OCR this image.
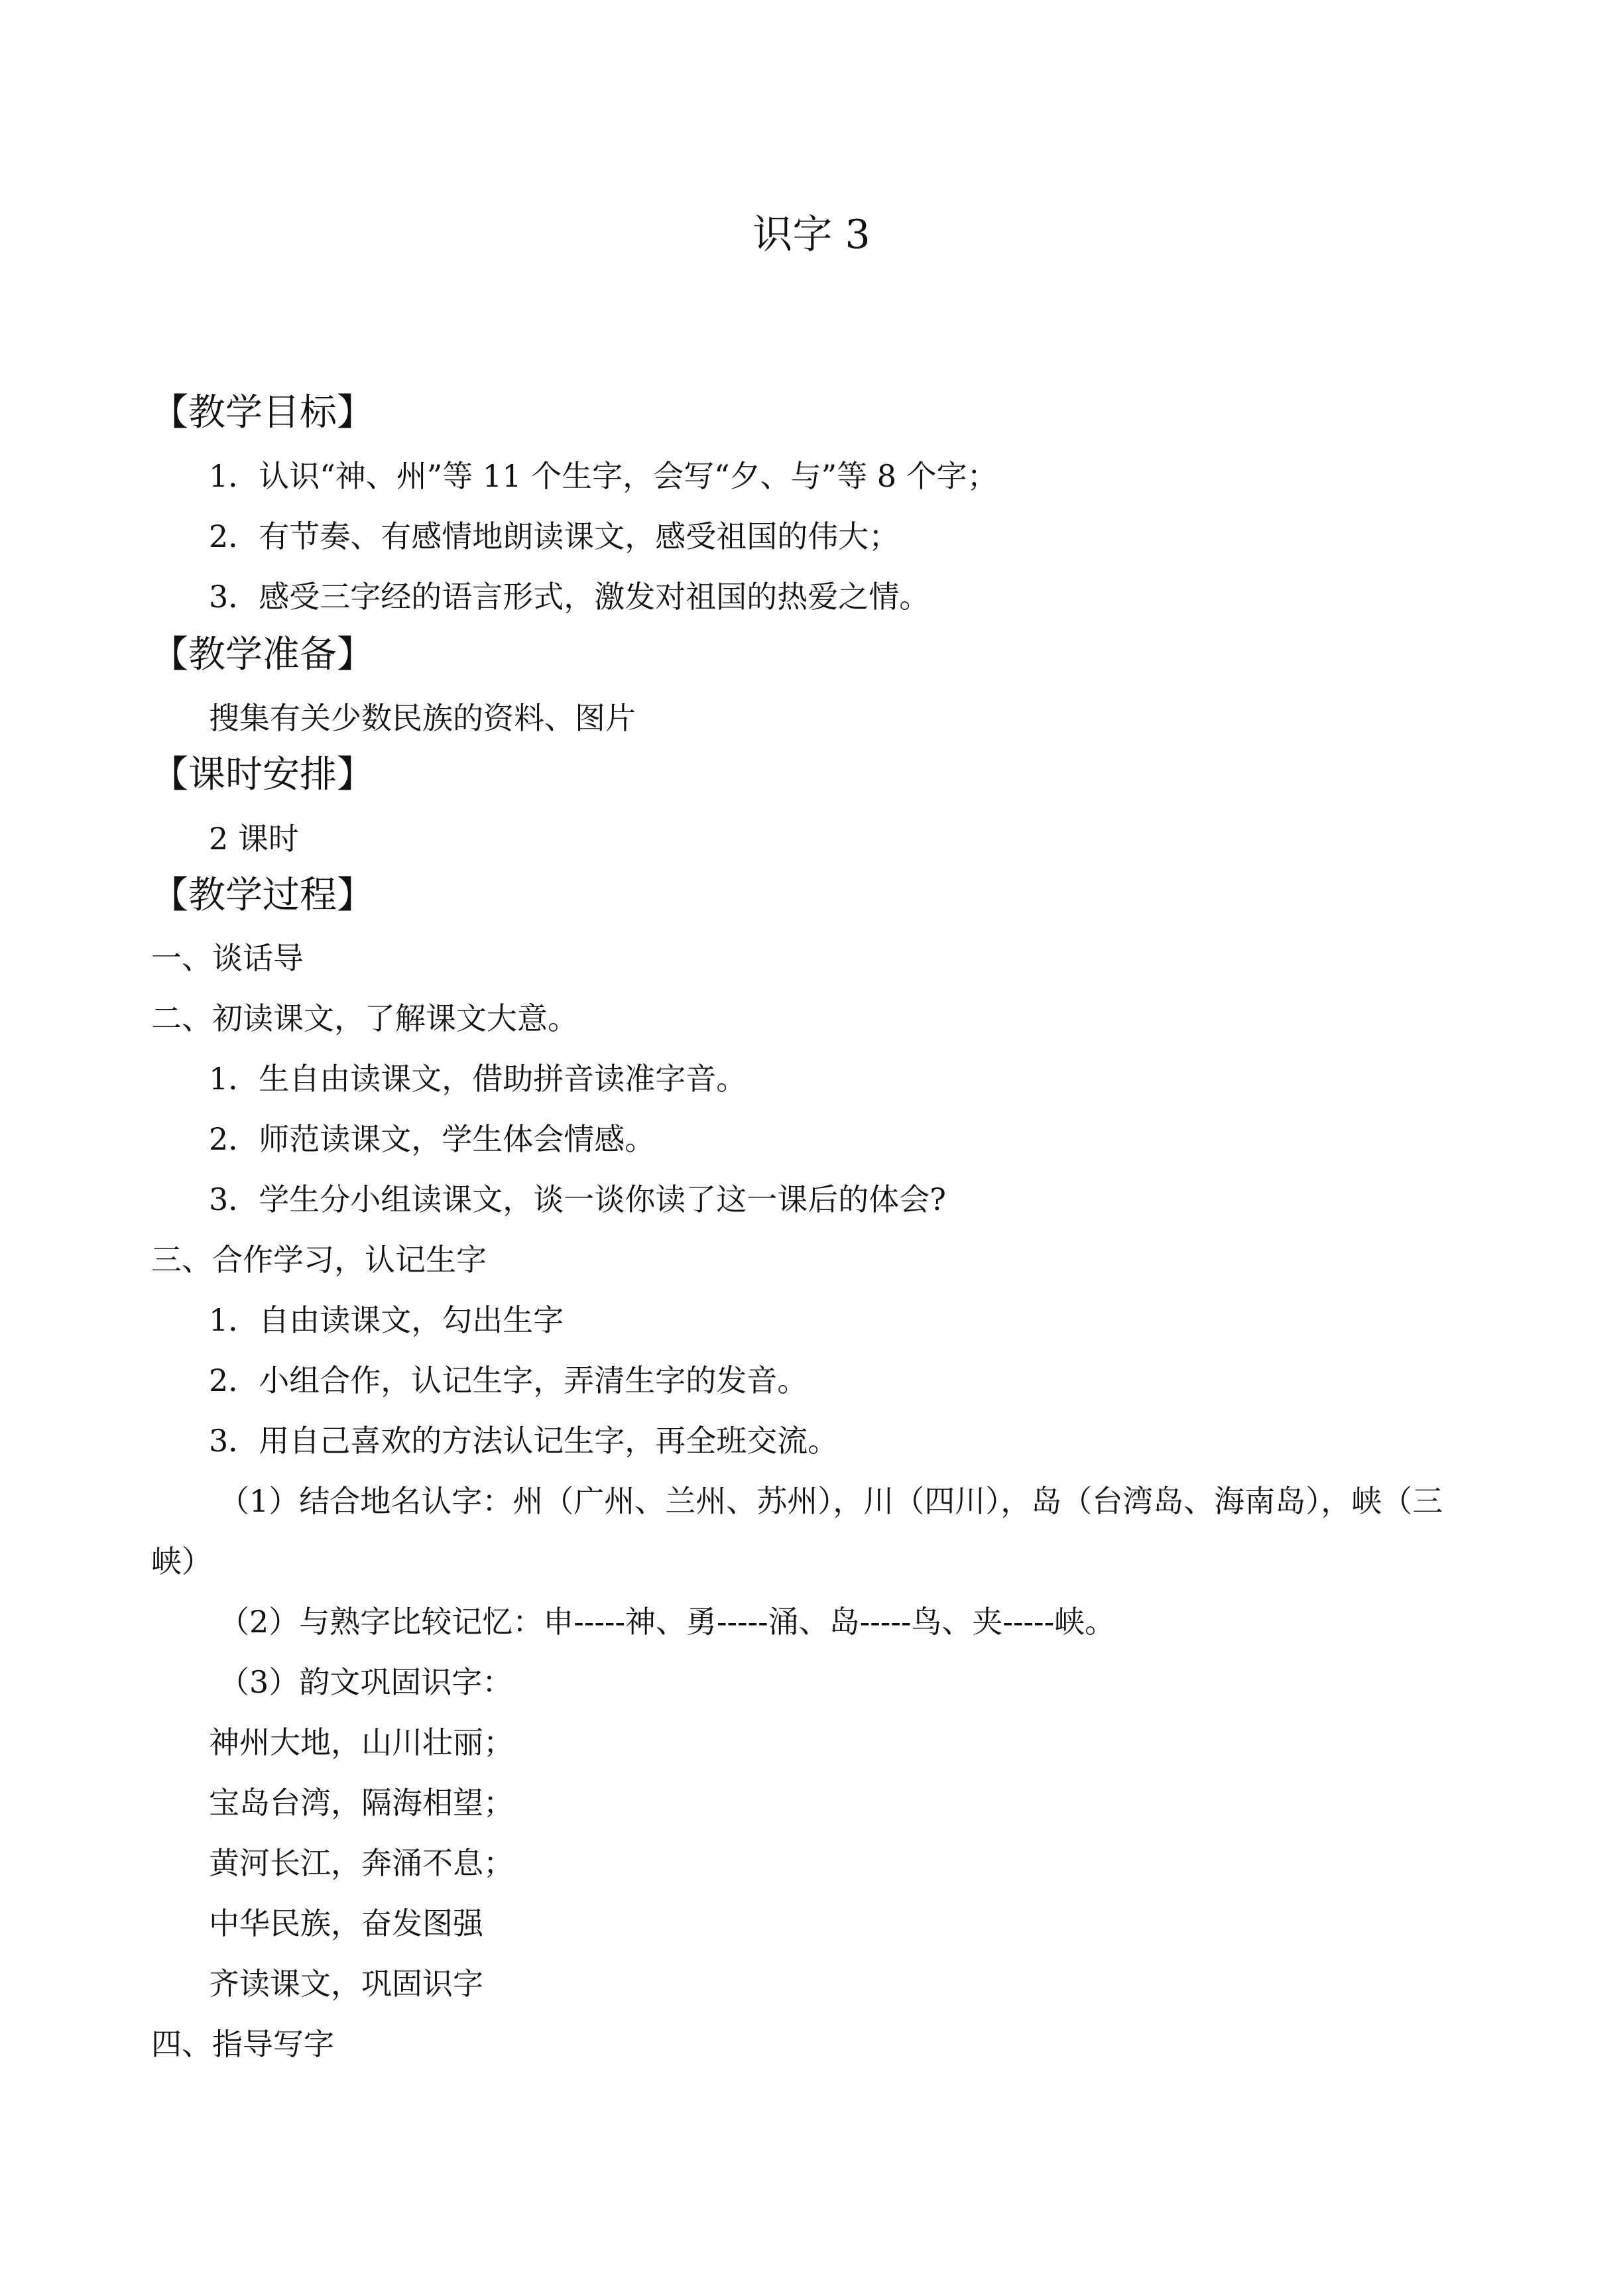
识字 3
【教学目标】
1．认识“神、州”等 11 个生字，会写“夕、与”等 8 个字；
2．有节奏、有感情地朗读课文，感受祖国的伟大；
3．感受三字经的语言形式，激发对祖国的热爱之情。
【教学准备】
搜集有关少数民族的资料、图片
【课时安排】
2 课时
【教学过程】
一、谈话导
二、初读课文，了解课文大意。
1．生自由读课文，借助拼音读准字音。
2．师范读课文，学生体会情感。
3．学生分小组读课文，谈一谈你读了这一课后的体会?
三、合作学习，认记生字
1．自由读课文，勾出生字
2．小组合作，认记生字，弄清生字的发音。
3．用自己喜欢的方法认记生字，再全班交流。
（1）结合地名认字：州（广州、兰州、苏州），川（四川），岛（台湾岛、海南岛），峡（三
峡）
（2）与熟字比较记忆：申-----神、勇-----涌、岛-----鸟、夹-----峡。
（3）韵文巩固识字：
神州大地，山川壮丽；
宝岛台湾，隔海相望；
黄河长江，奔涌不息；
中华民族，奋发图强
齐读课文，巩固识字
四、指导写字
